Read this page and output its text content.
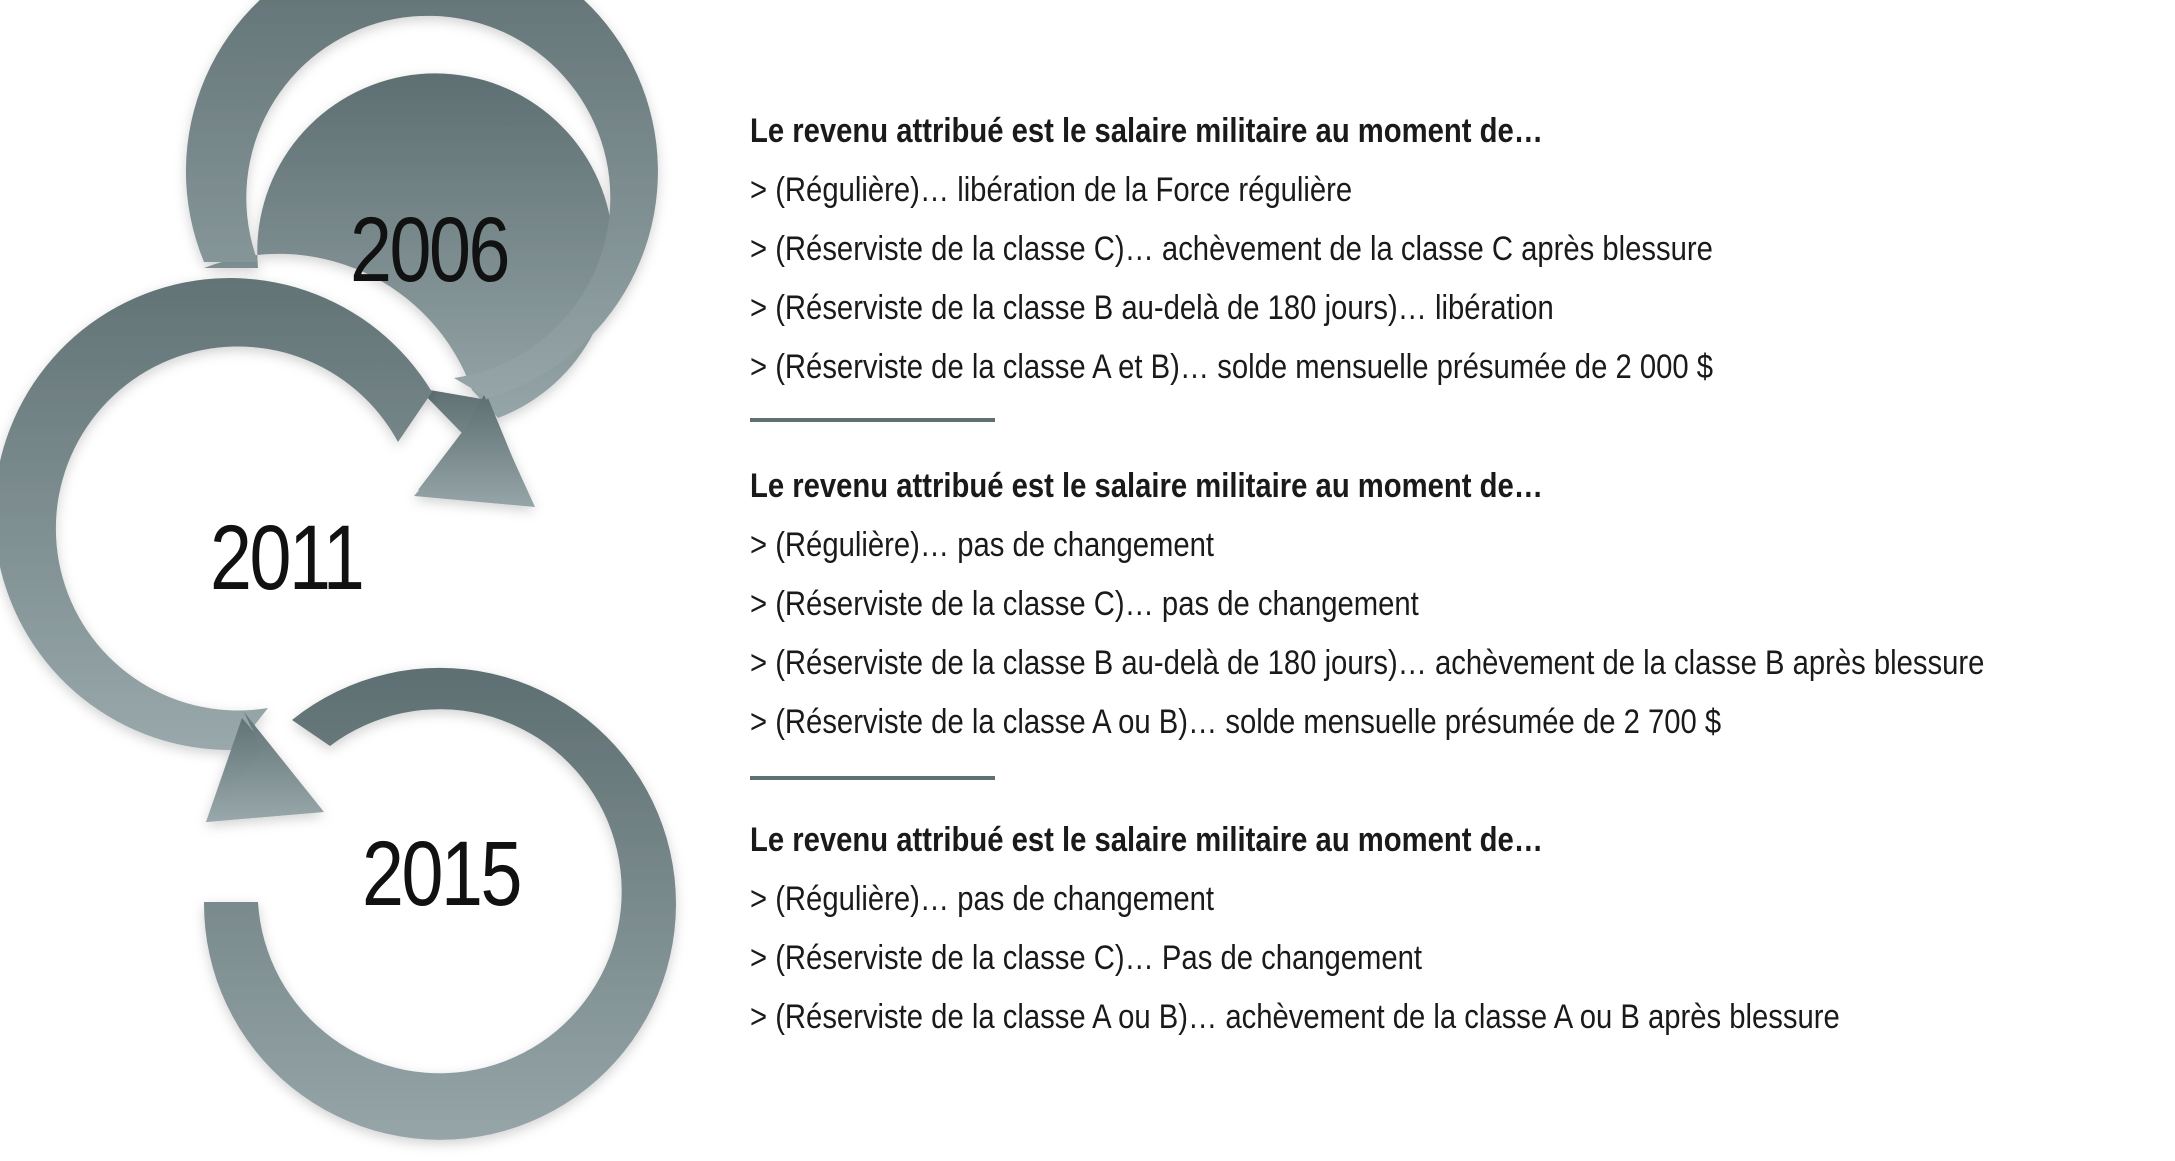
2006
2011
2015
Le revenu attribué est le salaire militaire au moment de…
> (Régulière)… libération de la Force régulière
> (Réserviste de la classe C)… achèvement de la classe C après blessure
> (Réserviste de la classe B au-delà de 180 jours)… libération
> (Réserviste de la classe A et B)… solde mensuelle présumée de 2 000 $
Le revenu attribué est le salaire militaire au moment de…
> (Régulière)… pas de changement
> (Réserviste de la classe C)… pas de changement
> (Réserviste de la classe B au-delà de 180 jours)… achèvement de la classe B après blessure
> (Réserviste de la classe A ou B)… solde mensuelle présumée de 2 700 $
Le revenu attribué est le salaire militaire au moment de…
> (Régulière)… pas de changement
> (Réserviste de la classe C)… Pas de changement
> (Réserviste de la classe A ou B)… achèvement de la classe A ou B après blessure
